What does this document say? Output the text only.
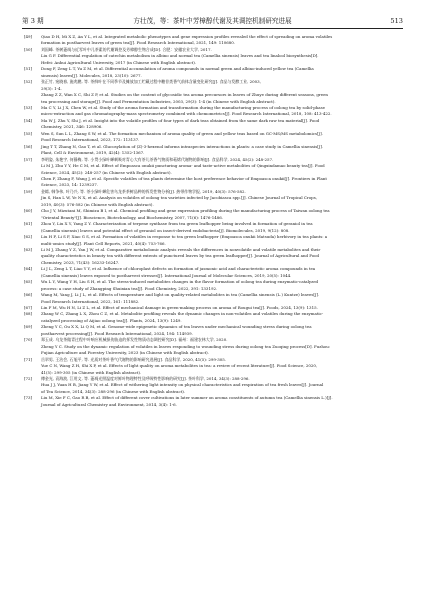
第 3 期	方壮茂，等：茶叶中芳樟醇代谢及其调控机制研究进展	513
[49] Qiao D H, Mi X Z, An Y L, et al. Integrated metabolic phenotypes and gene expression profiles revealed the effect of spreading on aroma volatiles
formation in postharvest leaves of green tea[J]. Food Research International, 2021, 149: 110680.
[50] 刘国峰. 茶树萎凋与近零叶中儿茶素的代谢调控及芳樟醇生物合成[D]. 合肥：安徽农业大学, 2017.
Liu G F. Differential regulation of catechin metabolism in albino and normal tea (Camellia sinensis) leaves and tea linalool biosynthesis[D].
Hefei: Anhui Agricultural University, 2017 (in Chinese with English abstract).
[51] Dong F, Zeng L T, Yu Z M, et al. Differential accumulation of aroma compounds in normal green and albino-induced yellow tea (Camellia
sinensis) leaves[J]. Molecules, 2018, 23(10): 2677.
[52] 张正竹, 宛晓春, 施兆鹏, 等. 茶鲜叶在不同季节及摊放加工贮藏过程中糖苷类香气前体含量变化研究[J]. 食品与发酵工业, 2003,
29(3): 1-4.
Zhang Z Z, Wan X C, Shi Z P, et al. Studies on the content of glycosidic tea aroma precursors in leaves of Zhuye during different seasons, green
tea processing and storage[J]. Food and Fermentation Industries, 2003, 29(3): 1-4 (in Chinese with English abstract).
[53] Ma C Y, Li J X, Chen W, et al. Study of the aroma formation and transformation during the manufacturing process of oolong tea by solid-phase
micro-extraction and gas chromatography-mass spectrometry combined with chemometrics[J]. Food Research International, 2018, 108: 413-422.
[54] Ma W J, Zhu Y, Shi J, et al. Insight into the volatile profiles of four types of dark teas obtained from the same dark raw tea material[J]. Food
Chemistry, 2021, 346: 128906.
[55] Wen S, Sun L L, Zhang S W, et al. The formation mechanism of aroma quality of green and yellow teas based on GC-MS/MS metabolomics[J].
Food Research International, 2023, 172: 113137.
[56] Jing T T, Zhang N, Gao T, et al. Glucosylation of (Z)-3-hexenol informs intraspecies interactions in plants: a case study in Camellia sinensis[J].
Plant, Cell & Environment, 2019, 42(4): 1352-1367.
[57] 李明姿, 朱艳宇, 何静梅, 等. 小贯小绿叶蝉刺吸对青心大有茶儿茶香气物质和萜烯代谢物的影响[J]. 食品科学, 2024, 45(2): 248-257.
Li M J, Zhu Y Y, He C M, et al. Effect of Empoasca onukii puncturing aroma- and taste-active metabolites of Qingxindamao beauty tea[J]. Food
Science, 2024, 45(2): 248-257 (in Chinese with English abstract).
[58] Chen F, Zhang F, Wang J, et al. Specific volatiles of tea plants determine the host preference behavior of Empoasca onukii[J]. Frontiers in Plant
Science, 2023, 14: 1239237.
[59] 金嫦, 韩争伟, 叶乃兴, 等. 茶小绿叶蝉危害乌龙茶茶树品种的挥发性物分析[J]. 热带作物学报, 2019, 40(3): 576-582.
Jin S, Han L W, Ye N X, et al. Analysis on volatiles of oolong tea varieties infected by Jacobiasca spp.[J]. Chinese Journal of Tropical Crops,
2019, 40(3): 576-582 (in Chinese with English abstract).
[60] Cho J Y, Mizutani M, Shimizu B I, et al. Chemical profiling and gene expression profiling during the manufacturing process of Taiwan oolong tea
"Oriental Beauty"[J]. Bioscience, Biotechnology, and Biochemistry, 2007, 71(6): 1476-1486.
[61] Zhou Y, Liu X Y, Yang Z Y. Characterization of terpene synthase from tea green leafhopper being involved in formation of geraniol in tea
(Camellia sinensis) leaves and potential effect of geraniol on insect-derived endobacteria[J]. Biomolecules, 2019, 9(12): 808.
[62] Liu H F, Li S F, Xiao G S, et al. Formation of volatiles in response to tea green leafhopper (Empoasca onukii Matsuda) herbivory in tea plants: a
multi-omics study[J]. Plant Cell Reports, 2021, 40(4): 753-766.
[63] Li M J, Zhang Y Z, Yan J W, et al. Comparative metabolomic analysis reveals the differences in nonvolatile and volatile metabolites and their
quality characteristics in beauty tea with different extents of punctured leaves by tea green leafhopper[J]. Journal of Agricultural and Food
Chemistry, 2023, 71(43): 16233-16247.
[64] Li J L, Zeng L T, Liao Y Y, et al. Influence of chloroplast defects on formation of jasmonic acid and characteristic aroma compounds in tea
(Camellia sinensis) leaves exposed to postharvest stresses[J]. International Journal of Molecular Sciences, 2019, 20(5): 1044.
[65] Wu L Y, Wang Y H, Liu S H, et al. The stress-induced metabolites changes in the flavor formation of oolong tea during enzymatic-catalyzed
process: a case study of Zhangping Shuixian tea[J]. Food Chemistry, 2022, 391: 133192.
[66] Wang M, Yang J, Li J L, et al. Effects of temperature and light on quality-related metabolites in tea (Camellia sinensis (L.) Kuntze) leaves[J].
Food Research International, 2022, 161: 111882.
[67] Lin F M, Wu H N, Li Z L, et al. Effect of mechanical damage in green-making process on aroma of Rougui tea[J]. Foods, 2024, 13(9): 1315.
[68] Zhang W C, Zhang L X, Zhou C Z, et al. Metabolite profiling reveals the dynamic changes in non-volatiles and volatiles during the enzymatic-
catalyzed processing of Aijiao oolong tea[J]. Plants, 2024, 13(9): 1249.
[69] Zheng Y C, Ou X X, Li Q M, et al. Genome-wide epigenetic dynamics of tea leaves under mechanical wounding stress during oolong tea
postharvest processing[J]. Food Research International, 2024, 194: 114939.
[70] 郑玉成. 乌龙茶做青过程中叶响应机械损伤胁迫的挥发性物质动态调控研究[D]. 福州：福建农林大学, 2020.
Zheng Y C. Study on the dynamic regulation of volatiles in leaves responding to wounding stress during oolong tea Zuoqing process[D]. Fuzhou:
Fujian Agriculture and Forestry University, 2023 (in Chinese with English abstract).
[71] 岳翠男, 王治会, 石旭平, 等. 光质对茶叶香气代谢物的影响研究进展[J]. 食品科学, 2020, 41(5): 299-305.
Yue C N, Wang Z H, Shi X P, et al. Effects of light quality on aroma metabolites in tea: a review of recent literature[J]. Food Science, 2020,
41(5): 299-305 (in Chinese with English abstract).
[72] 傅金光, 袁海波, 江用文, 等. 萎凋光照温度对鲜叶物理特性及呼吸特性影响的研究[J]. 茶叶科学, 2014, 34(3): 288-296.
Hua J J, Yuan H B, Jiang Y W, et al. Effect of withering light intensity on physical characteristics and respiration of tea fresh leaves[J]. Journal
of Tea Science, 2014, 34(3): 288-296 (in Chinese with English abstract).
[73] Liu M, Xie F C, Gao R B, et al. Effect of different cover cultivations in later summer on aroma constituents of autumn tea (Camellia sinensis L.)[J].
Journal of Agricultural Chemistry and Environment, 2014, 3(4): 1-6.
